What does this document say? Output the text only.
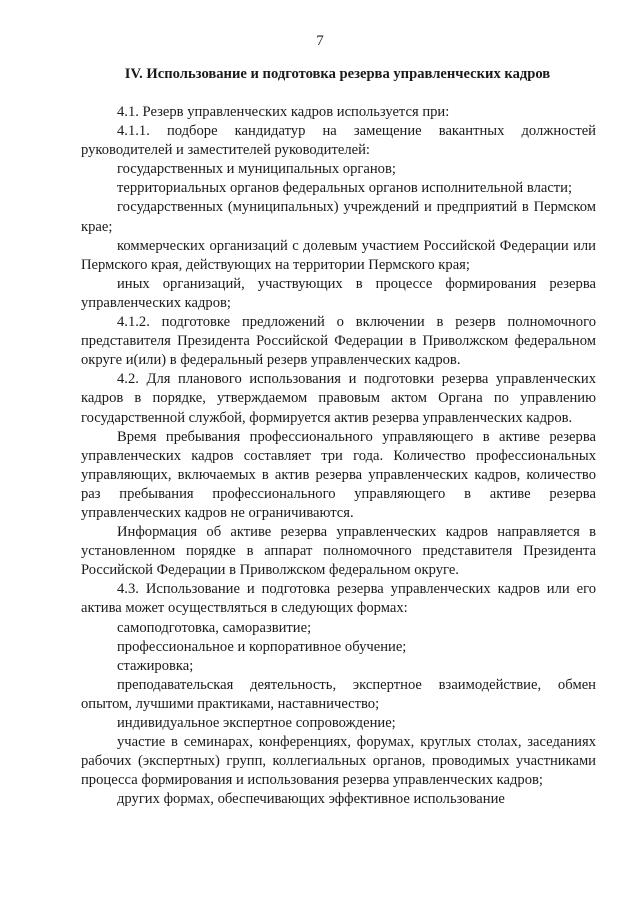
7
IV. Использование и подготовка резерва управленческих кадров

4.1. Резерв управленческих кадров используется при:

4.1.1. подборе кандидатур на замещение вакантных должностей руководителей и заместителей руководителей:

государственных и муниципальных органов;

территориальных органов федеральных органов исполнительной власти;

государственных (муниципальных) учреждений и предприятий в Пермском крае;

коммерческих организаций с долевым участием Российской Федерации или Пермского края, действующих на территории Пермского края;

иных организаций, участвующих в процессе формирования резерва управленческих кадров;

4.1.2. подготовке предложений о включении в резерв полномочного представителя Президента Российской Федерации в Приволжском федеральном округе и(или) в федеральный резерв управленческих кадров.

4.2. Для планового использования и подготовки резерва управленческих кадров в порядке, утверждаемом правовым актом Органа по управлению государственной службой, формируется актив резерва управленческих кадров.

Время пребывания профессионального управляющего в активе резерва управленческих кадров составляет три года. Количество профессиональных управляющих, включаемых в актив резерва управленческих кадров, количество раз пребывания профессионального управляющего в активе резерва управленческих кадров не ограничиваются.

Информация об активе резерва управленческих кадров направляется в установленном порядке в аппарат полномочного представителя Президента Российской Федерации в Приволжском федеральном округе.

4.3. Использование и подготовка резерва управленческих кадров или его актива может осуществляться в следующих формах:

самоподготовка, саморазвитие;

профессиональное и корпоративное обучение;

стажировка;

преподавательская деятельность, экспертное взаимодействие, обмен опытом, лучшими практиками, наставничество;

индивидуальное экспертное сопровождение;

участие в семинарах, конференциях, форумах, круглых столах, заседаниях рабочих (экспертных) групп, коллегиальных органов, проводимых участниками процесса формирования и использования резерва управленческих кадров;

других формах, обеспечивающих эффективное использование
